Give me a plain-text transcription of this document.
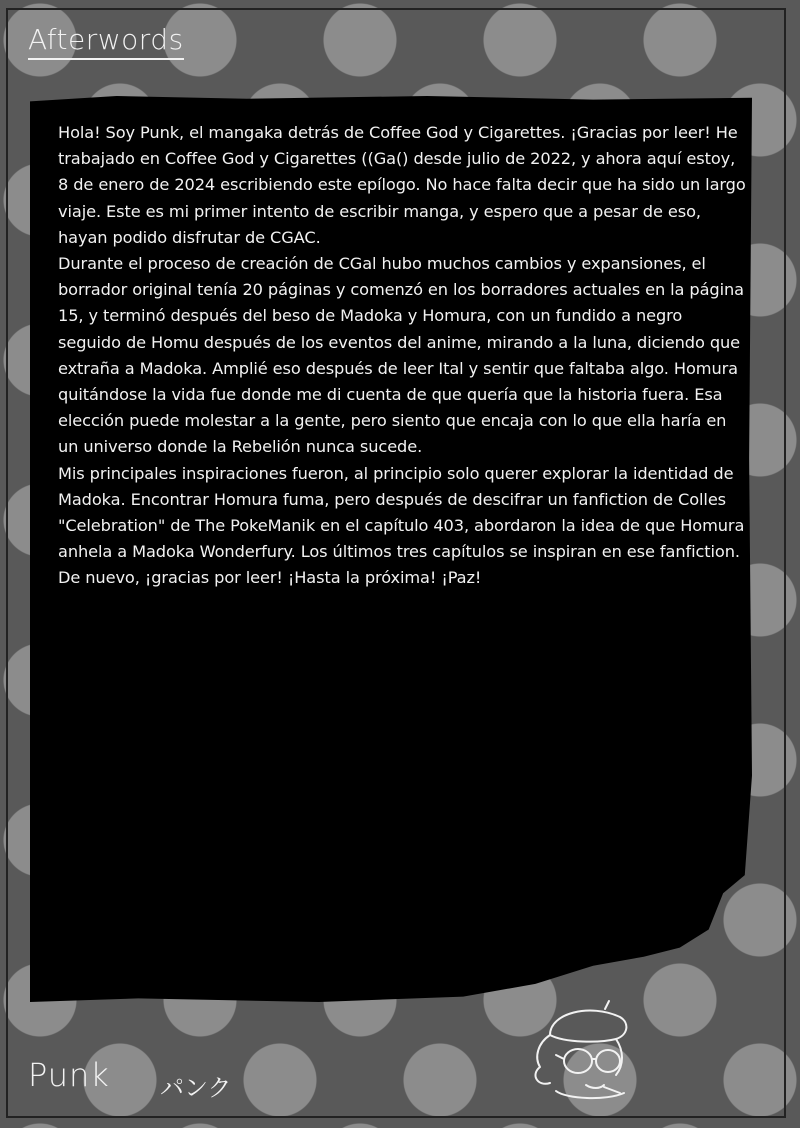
Afterwords

Hola! Soy Punk, el mangaka detrás de Coffee God y Cigarettes. ¡Gracias por leer! He trabajado en Coffee God y Cigarettes ((Ga() desde julio de 2022, y ahora aquí estoy, 8 de enero de 2024 escribiendo este epílogo. No hace falta decir que ha sido un largo viaje. Este es mi primer intento de escribir manga, y espero que a pesar de eso, hayan podido disfrutar de CGAC.

Durante el proceso de creación de CGal hubo muchos cambios y expansiones, el borrador original tenía 20 páginas y comenzó en los borradores actuales en la página 15, y terminó después del beso de Madoka y Homura, con un fundido a negro seguido de Homu después de los eventos del anime, mirando a la luna, diciendo que extraña a Madoka. Amplié eso después de leer Ital y sentir que faltaba algo. Homura quitándose la vida fue donde me di cuenta de que quería que la historia fuera. Esa elección puede molestar a la gente, pero siento que encaja con lo que ella haría en un universo donde la Rebelión nunca sucede.

Mis principales inspiraciones fueron, al principio solo querer explorar la identidad de Madoka. Encontrar Homura fuma, pero después de descifrar un fanfiction de Colles "Celebration" de The PokeManik en el capítulo 403, abordaron la idea de que Homura anhela a Madoka Wonderfury. Los últimos tres capítulos se inspiran en ese fanfiction.

De nuevo, ¡gracias por leer! ¡Hasta la próxima! ¡Paz!

Punk パンク
